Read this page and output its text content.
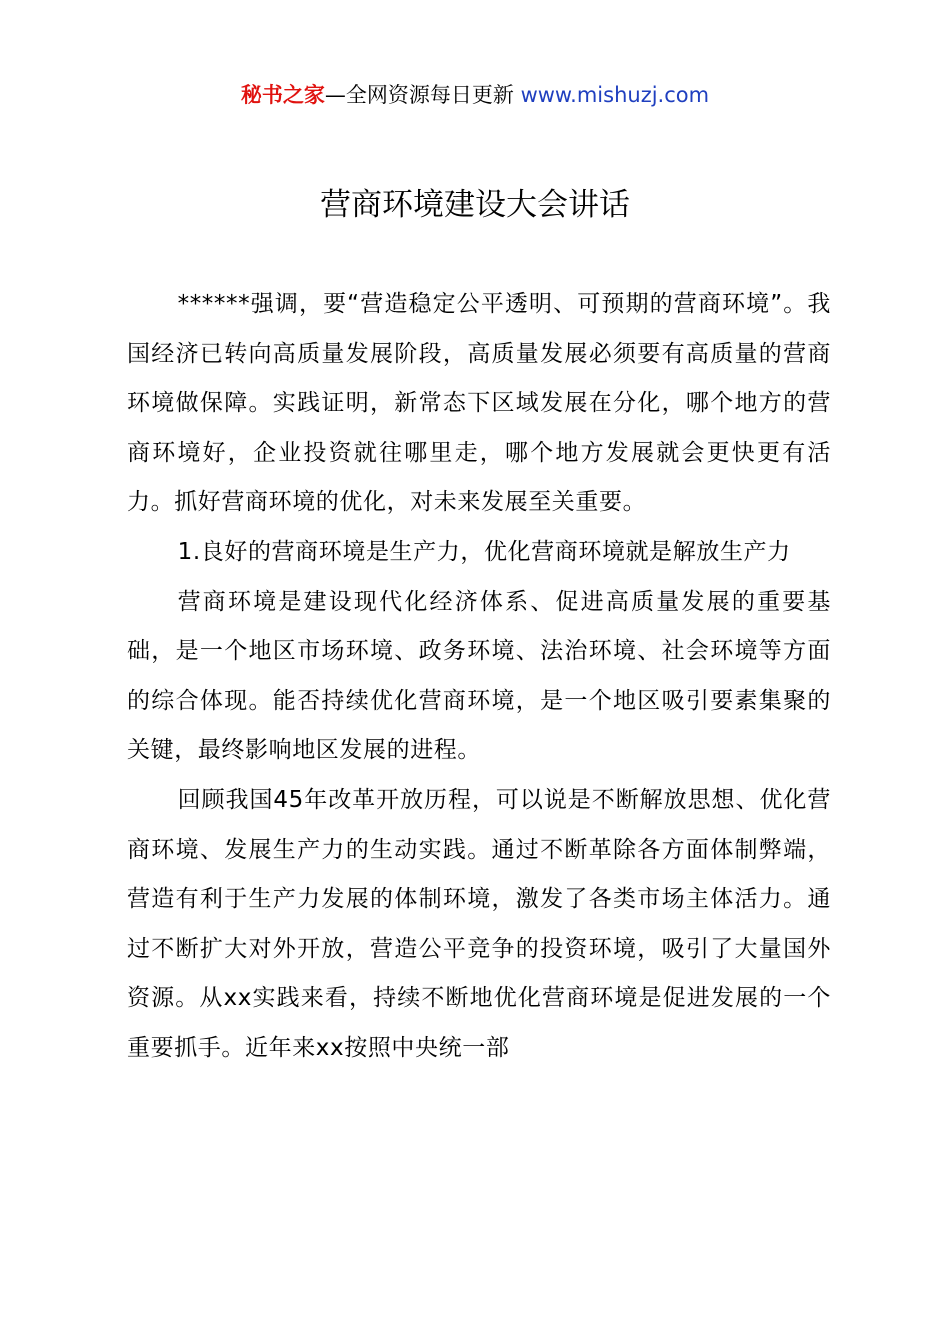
秘书之家—全网资源每日更新 www.mishuzj.com
营商环境建设大会讲话

******强调，要“营造稳定公平透明、可预期的营商环境”。我国经济已转向高质量发展阶段，高质量发展必须要有高质量的营商环境做保障。实践证明，新常态下区域发展在分化，哪个地方的营商环境好，企业投资就往哪里走，哪个地方发展就会更快更有活力。抓好营商环境的优化，对未来发展至关重要。

1.良好的营商环境是生产力，优化营商环境就是解放生产力

营商环境是建设现代化经济体系、促进高质量发展的重要基础，是一个地区市场环境、政务环境、法治环境、社会环境等方面的综合体现。能否持续优化营商环境，是一个地区吸引要素集聚的关键，最终影响地区发展的进程。

回顾我国45年改革开放历程，可以说是不断解放思想、优化营商环境、发展生产力的生动实践。通过不断革除各方面体制弊端，营造有利于生产力发展的体制环境，激发了各类市场主体活力。通过不断扩大对外开放，营造公平竞争的投资环境，吸引了大量国外资源。从xx实践来看，持续不断地优化营商环境是促进发展的一个重要抓手。近年来xx按照中央统一部
